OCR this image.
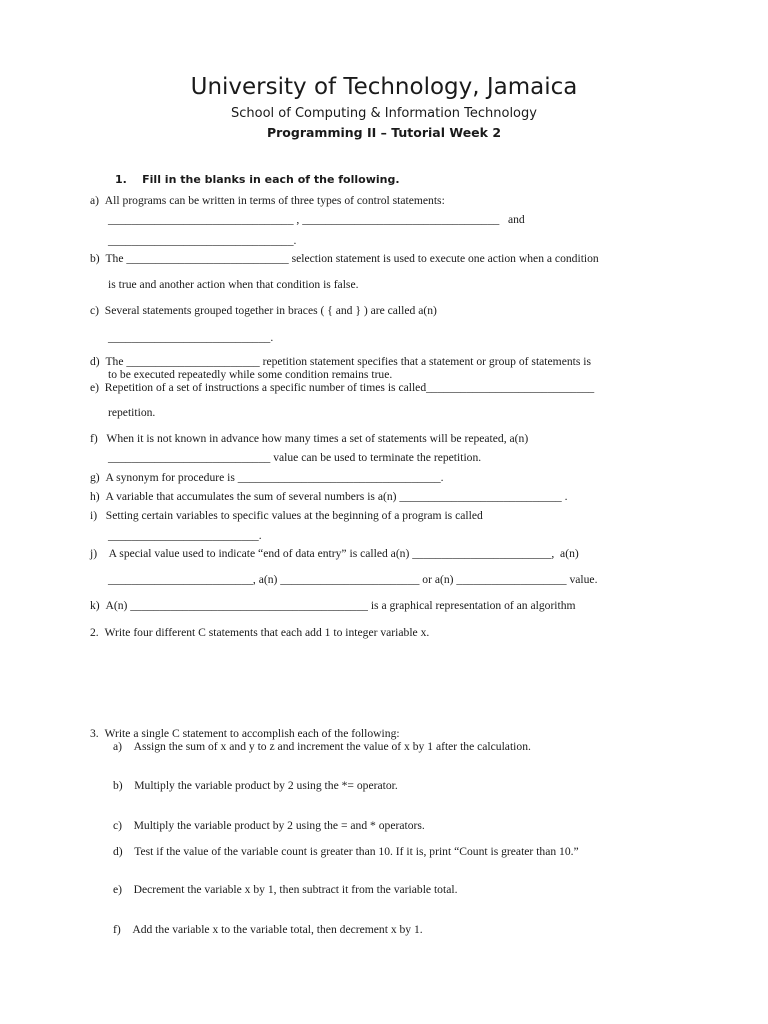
University of Technology, Jamaica
School of Computing & Information Technology
Programming II – Tutorial Week 2
1.    Fill in the blanks in each of the following.
a)  All programs can be written in terms of three types of control statements:
________________________________ , __________________________________   and
________________________________.
b)  The ____________________________ selection statement is used to execute one action when a condition
is true and another action when that condition is false.
c)  Several statements grouped together in braces ( { and } ) are called a(n)
____________________________.
d)  The _______________________ repetition statement specifies that a statement or group of statements is
to be executed repeatedly while some condition remains true.
e)  Repetition of a set of instructions a specific number of times is called_____________________________
repetition.
f)   When it is not known in advance how many times a set of statements will be repeated, a(n)
____________________________ value can be used to terminate the repetition.
g)  A synonym for procedure is ___________________________________.
h)  A variable that accumulates the sum of several numbers is a(n) ____________________________ .
i)   Setting certain variables to specific values at the beginning of a program is called
__________________________.
j)    A special value used to indicate “end of data entry” is called a(n) ________________________,  a(n)
_________________________, a(n) ________________________ or a(n) ___________________ value.
k)  A(n) _________________________________________ is a graphical representation of an algorithm
2.  Write four different C statements that each add 1 to integer variable x.
3.  Write a single C statement to accomplish each of the following:
a)    Assign the sum of x and y to z and increment the value of x by 1 after the calculation.
b)    Multiply the variable product by 2 using the *= operator.
c)    Multiply the variable product by 2 using the = and * operators.
d)    Test if the value of the variable count is greater than 10. If it is, print “Count is greater than 10.”
e)    Decrement the variable x by 1, then subtract it from the variable total.
f)    Add the variable x to the variable total, then decrement x by 1.
